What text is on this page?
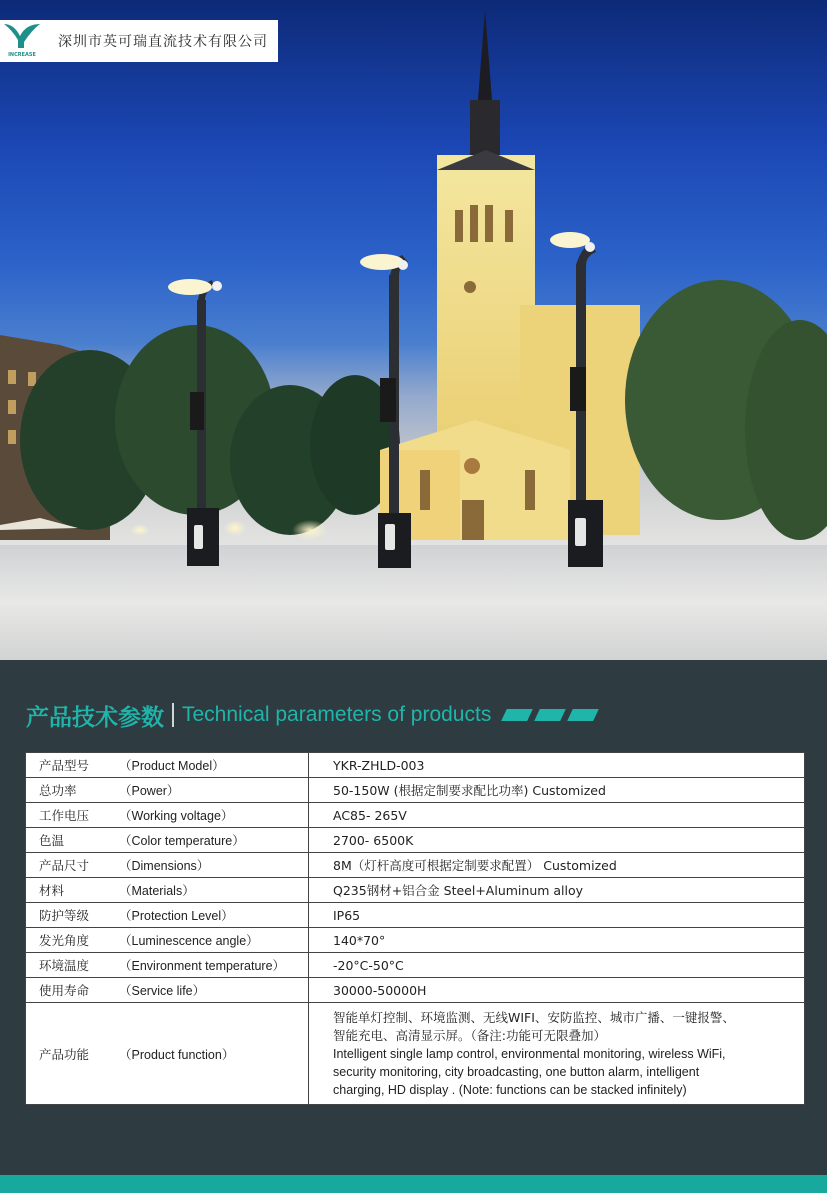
INCREASE
深圳市英可瑞直流技术有限公司
产品技术参数 Technical parameters of products
产品型号 （Product Model）	YKR-ZHLD-003
总功率 （Power）	50-150W (根据定制要求配比功率) Customized
工作电压 （Working voltage）	AC85- 265V
色温 （Color temperature）	2700- 6500K
产品尺寸 （Dimensions）	8M（灯杆高度可根据定制要求配置） Customized
材料 （Materials）	Q235钢材+铝合金 Steel+Aluminum alloy
防护等级 （Protection Level）	IP65
发光角度 （Luminescence angle）	140*70°
环境温度 （Environment temperature）	-20°C-50°C
使用寿命 （Service life）	30000-50000H
产品功能 （Product function）	智能单灯控制、环境监测、无线WIFI、安防监控、城市广播、一键报警、
智能充电、高清显示屏。（备注:功能可无限叠加）
Intelligent single lamp control, environmental monitoring, wireless WiFi,
security monitoring, city broadcasting, one button alarm, intelligent
charging, HD display . (Note: functions can be stacked infinitely)
